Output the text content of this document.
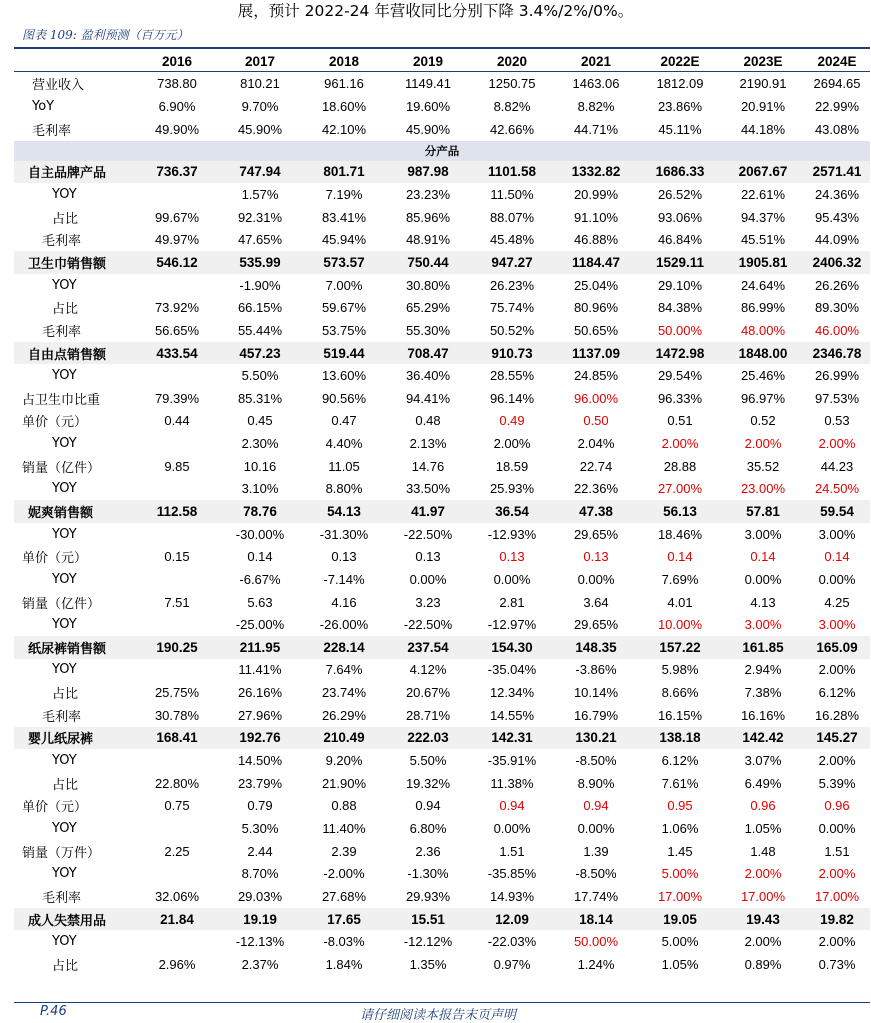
展，预计 2022-24 年营收同比分别下降 3.4%/2%/0%。
图表 109: 盈利预测（百万元）
	2016	2017	2018	2019	2020	2021	2022E	2023E	2024E
营业收入	738.80	810.21	961.16	1149.41	1250.75	1463.06	1812.09	2190.91	2694.65
YoY	6.90%	9.70%	18.60%	19.60%	8.82%	8.82%	23.86%	20.91%	22.99%
毛利率	49.90%	45.90%	42.10%	45.90%	42.66%	44.71%	45.11%	44.18%	43.08%
分产品									
自主品牌产品	736.37	747.94	801.71	987.98	1101.58	1332.82	1686.33	2067.67	2571.41
YOY		1.57%	7.19%	23.23%	11.50%	20.99%	26.52%	22.61%	24.36%
占比	99.67%	92.31%	83.41%	85.96%	88.07%	91.10%	93.06%	94.37%	95.43%
毛利率	49.97%	47.65%	45.94%	48.91%	45.48%	46.88%	46.84%	45.51%	44.09%
卫生巾销售额	546.12	535.99	573.57	750.44	947.27	1184.47	1529.11	1905.81	2406.32
YOY		-1.90%	7.00%	30.80%	26.23%	25.04%	29.10%	24.64%	26.26%
占比	73.92%	66.15%	59.67%	65.29%	75.74%	80.96%	84.38%	86.99%	89.30%
毛利率	56.65%	55.44%	53.75%	55.30%	50.52%	50.65%	50.00%	48.00%	46.00%
自由点销售额	433.54	457.23	519.44	708.47	910.73	1137.09	1472.98	1848.00	2346.78
YOY		5.50%	13.60%	36.40%	28.55%	24.85%	29.54%	25.46%	26.99%
占卫生巾比重	79.39%	85.31%	90.56%	94.41%	96.14%	96.00%	96.33%	96.97%	97.53%
单价（元）	0.44	0.45	0.47	0.48	0.49	0.50	0.51	0.52	0.53
YOY		2.30%	4.40%	2.13%	2.00%	2.04%	2.00%	2.00%	2.00%
销量（亿件）	9.85	10.16	11.05	14.76	18.59	22.74	28.88	35.52	44.23
YOY		3.10%	8.80%	33.50%	25.93%	22.36%	27.00%	23.00%	24.50%
妮爽销售额	112.58	78.76	54.13	41.97	36.54	47.38	56.13	57.81	59.54
YOY		-30.00%	-31.30%	-22.50%	-12.93%	29.65%	18.46%	3.00%	3.00%
单价（元）	0.15	0.14	0.13	0.13	0.13	0.13	0.14	0.14	0.14
YOY		-6.67%	-7.14%	0.00%	0.00%	0.00%	7.69%	0.00%	0.00%
销量（亿件）	7.51	5.63	4.16	3.23	2.81	3.64	4.01	4.13	4.25
YOY		-25.00%	-26.00%	-22.50%	-12.97%	29.65%	10.00%	3.00%	3.00%
纸尿裤销售额	190.25	211.95	228.14	237.54	154.30	148.35	157.22	161.85	165.09
YOY		11.41%	7.64%	4.12%	-35.04%	-3.86%	5.98%	2.94%	2.00%
占比	25.75%	26.16%	23.74%	20.67%	12.34%	10.14%	8.66%	7.38%	6.12%
毛利率	30.78%	27.96%	26.29%	28.71%	14.55%	16.79%	16.15%	16.16%	16.28%
婴儿纸尿裤	168.41	192.76	210.49	222.03	142.31	130.21	138.18	142.42	145.27
YOY		14.50%	9.20%	5.50%	-35.91%	-8.50%	6.12%	3.07%	2.00%
占比	22.80%	23.79%	21.90%	19.32%	11.38%	8.90%	7.61%	6.49%	5.39%
单价（元）	0.75	0.79	0.88	0.94	0.94	0.94	0.95	0.96	0.96
YOY		5.30%	11.40%	6.80%	0.00%	0.00%	1.06%	1.05%	0.00%
销量（万件）	2.25	2.44	2.39	2.36	1.51	1.39	1.45	1.48	1.51
YOY		8.70%	-2.00%	-1.30%	-35.85%	-8.50%	5.00%	2.00%	2.00%
毛利率	32.06%	29.03%	27.68%	29.93%	14.93%	17.74%	17.00%	17.00%	17.00%
成人失禁用品	21.84	19.19	17.65	15.51	12.09	18.14	19.05	19.43	19.82
YOY		-12.13%	-8.03%	-12.12%	-22.03%	50.00%	5.00%	2.00%	2.00%
占比	2.96%	2.37%	1.84%	1.35%	0.97%	1.24%	1.05%	0.89%	0.73%
P.46	请仔细阅读本报告末页声明
